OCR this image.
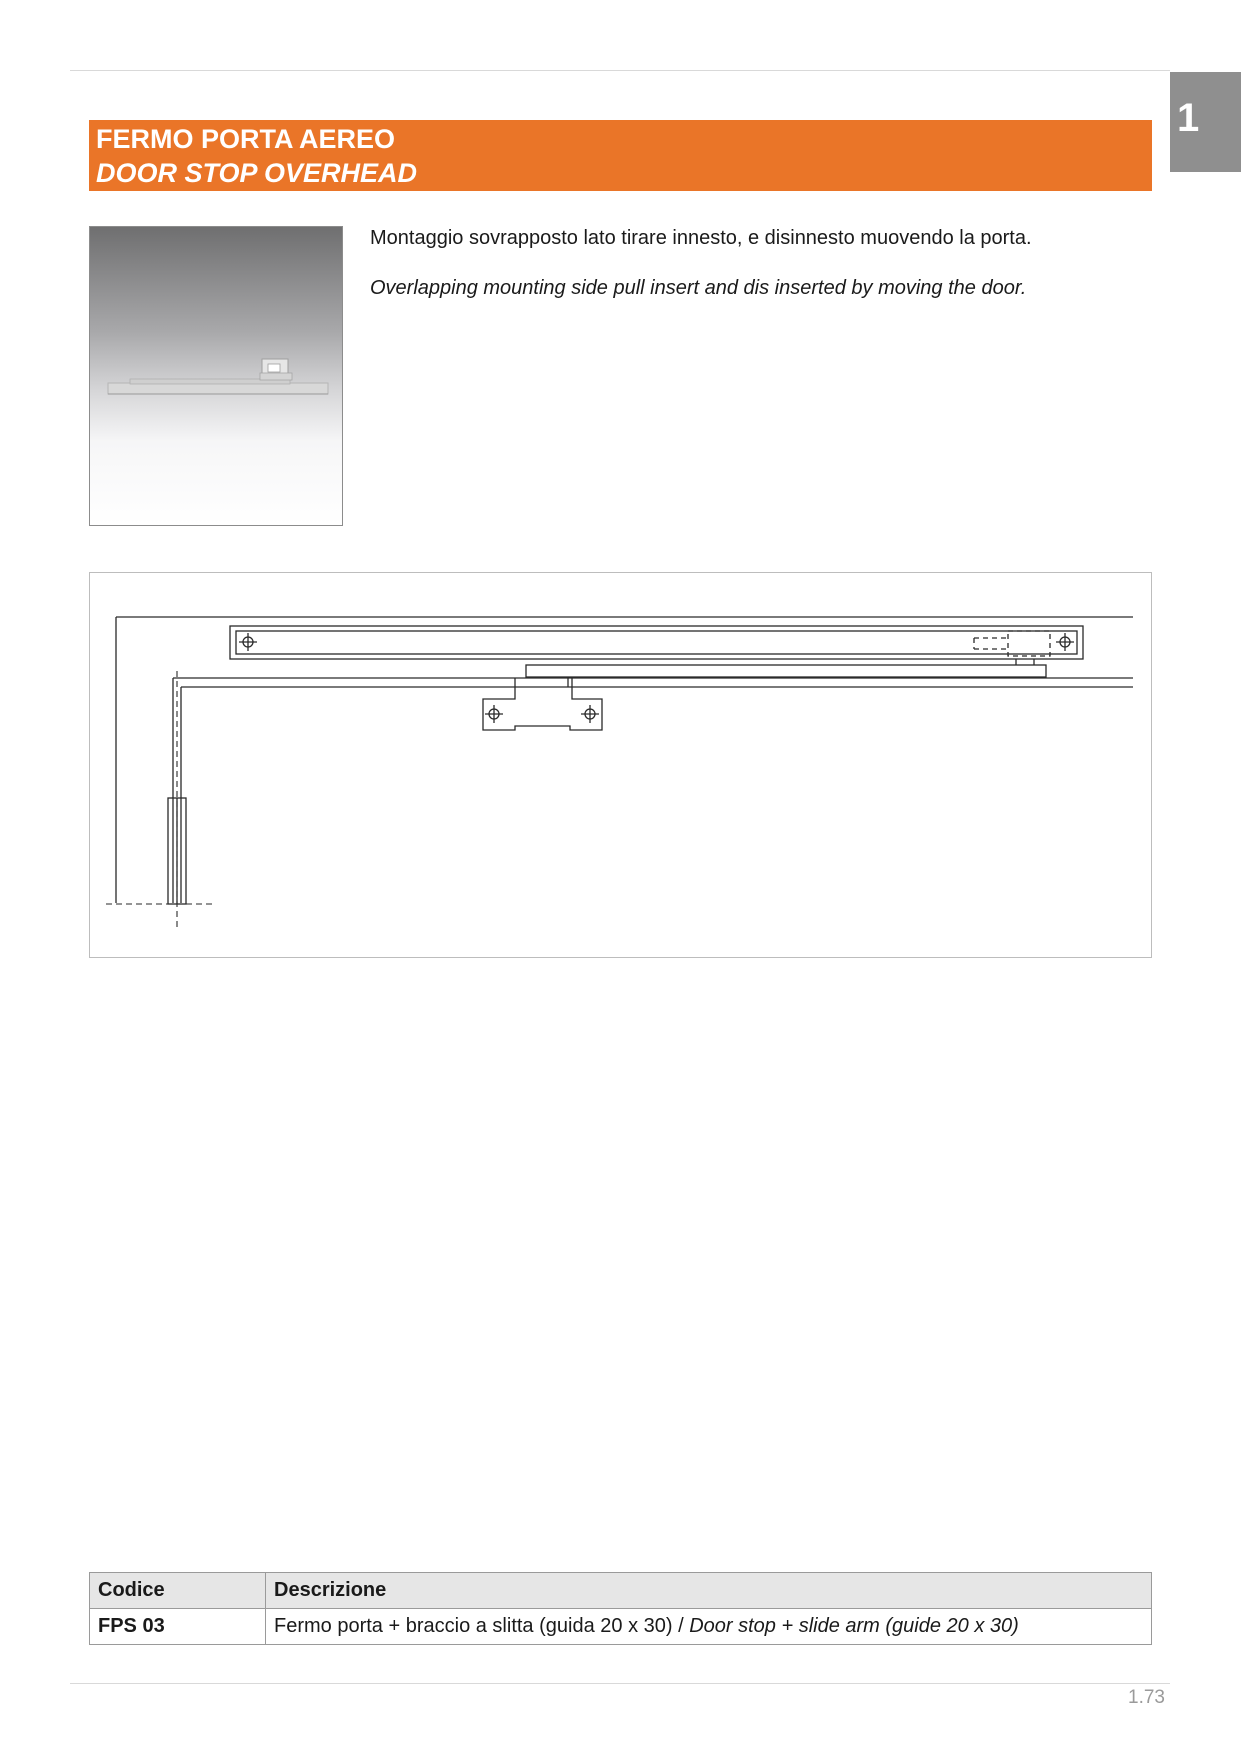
1
FERMO PORTA AEREO
DOOR STOP OVERHEAD
Montaggio sovrapposto lato tirare innesto, e disinnesto muovendo la porta.
Overlapping mounting side pull insert and dis inserted by moving the door.
Codice	Descrizione
FPS 03	Fermo porta + braccio a slitta (guida 20 x 30) / Door stop + slide arm (guide 20 x 30)
1.73
